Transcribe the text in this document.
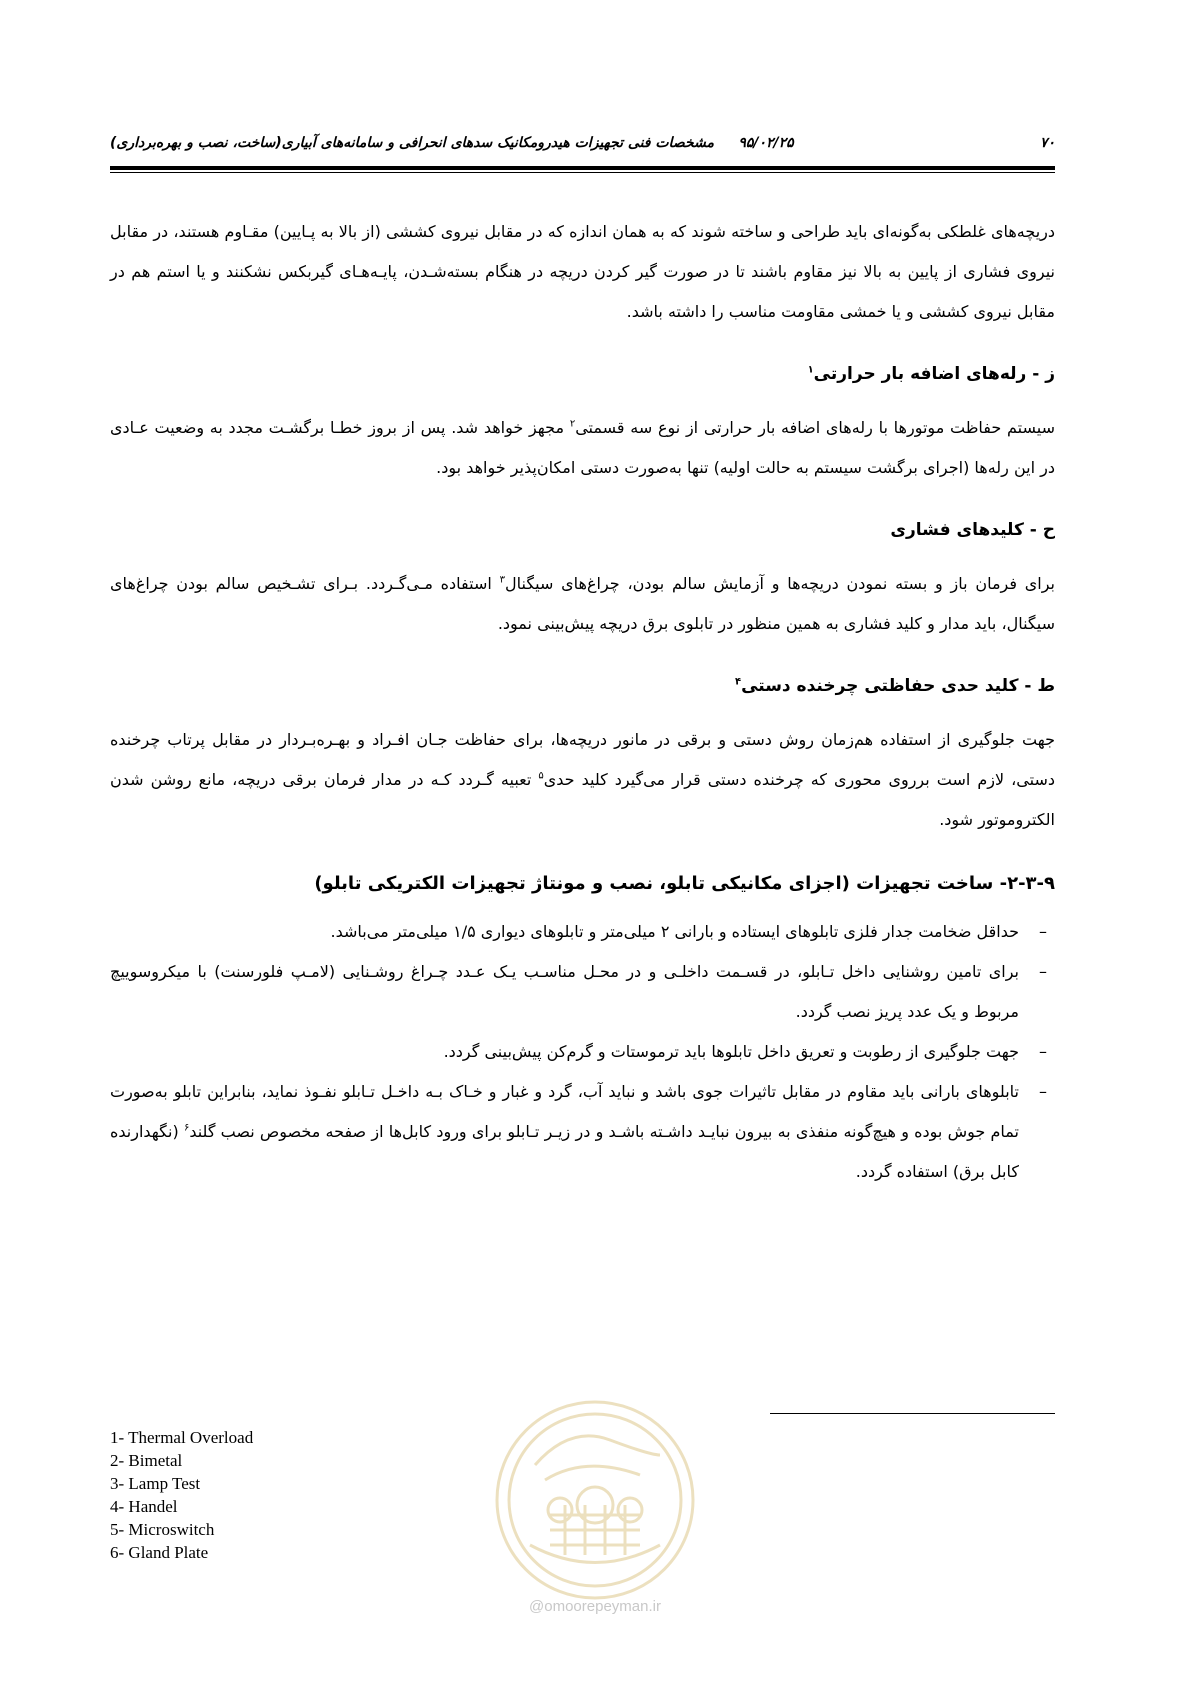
۷۰
۹۵/۰۲/۲۵     مشخصات فنی تجهیزات هیدرومکانیک سدهای انحرافی و سامانه‌های آبیاری(ساخت، نصب و بهره‌برداری)

دریچه‌های غلطکی به‌گونه‌ای باید طراحی و ساخته شوند که به همان اندازه که در مقابل نیروی کششی (از بالا به پـایین) مقـاوم هستند، در مقابل نیروی فشاری از پایین به بالا نیز مقاوم باشند تا در صورت گیر کردن دریچه در هنگام بسته‌شـدن، پایـه‌هـای گیربکس نشکنند و یا استم هم در مقابل نیروی کششی و یا خمشی مقاومت مناسب را داشته باشد.

ز - رله‌های اضافه بار حرارتی$^۱$

سیستم حفاظت موتورها با رله‌های اضافه بار حرارتی از نوع سه قسمتی$^۲$ مجهز خواهد شد. پس از بروز خطـا برگشـت مجدد به وضعیت عـادی در این رله‌ها (اجرای برگشت سیستم به حالت اولیه) تنها به‌صورت دستی امکان‌پذیر خواهد بود.

ح - کلیدهای فشاری

برای فرمان باز و بسته نمودن دریچه‌ها و آزمایش سالم بودن، چراغ‌های سیگنال$^۳$ استفاده مـی‌گـردد. بـرای تشـخیص سالم بودن چراغ‌های سیگنال، باید مدار و کلید فشاری به همین منظور در تابلوی برق دریچه پیش‌بینی نمود.

ط - کلید حدی حفاظتی چرخنده دستی$^۴$

جهت جلوگیری از استفاده هم‌زمان روش دستی و برقی در مانور دریچه‌ها، برای حفاظت جـان افـراد و بهـره‌بـردار در مقابل پرتاب چرخنده دستی، لازم است برروی محوری که چرخنده دستی قرار می‌گیرد کلید حدی$^۵$ تعبیه گـردد کـه در مدار فرمان برقی دریچه، مانع روشن شدن الکتروموتور شود.

۲-۳-۹- ساخت تجهیزات (اجزای مکانیکی تابلو، نصب و مونتاژ تجهیزات الکتریکی تابلو)
–
حداقل ضخامت جدار فلزی تابلوهای ایستاده و بارانی ۲ میلی‌متر و تابلوهای دیواری ۱/۵ میلی‌متر می‌باشد.
–
برای تامین روشنایی داخل تـابلو، در قسـمت داخلـی و در محـل مناسـب یـک عـدد چـراغ روشـنایی (لامـپ فلورسنت) با میکروسوییچ مربوط و یک عدد پریز نصب گردد.
–
جهت جلوگیری از رطوبت و تعریق داخل تابلوها باید ترموستات و گرم‌کن پیش‌بینی گردد.
–
تابلوهای بارانی باید مقاوم در مقابل تاثیرات جوی باشد و نباید آب، گرد و غبار و خـاک بـه داخـل تـابلو نفـوذ نماید، بنابراین تابلو به‌صورت تمام جوش بوده و هیچ‌گونه منفذی به بیرون نبایـد داشـته باشـد و در زیـر تـابلو برای ورود کابل‌ها از صفحه مخصوص نصب گلند$^۶$ (نگهدارنده کابل برق) استفاده گردد.
1- Thermal Overload
2- Bimetal
3- Lamp Test
4- Handel
5- Microswitch
6- Gland Plate
@omoorepeyman.ir
